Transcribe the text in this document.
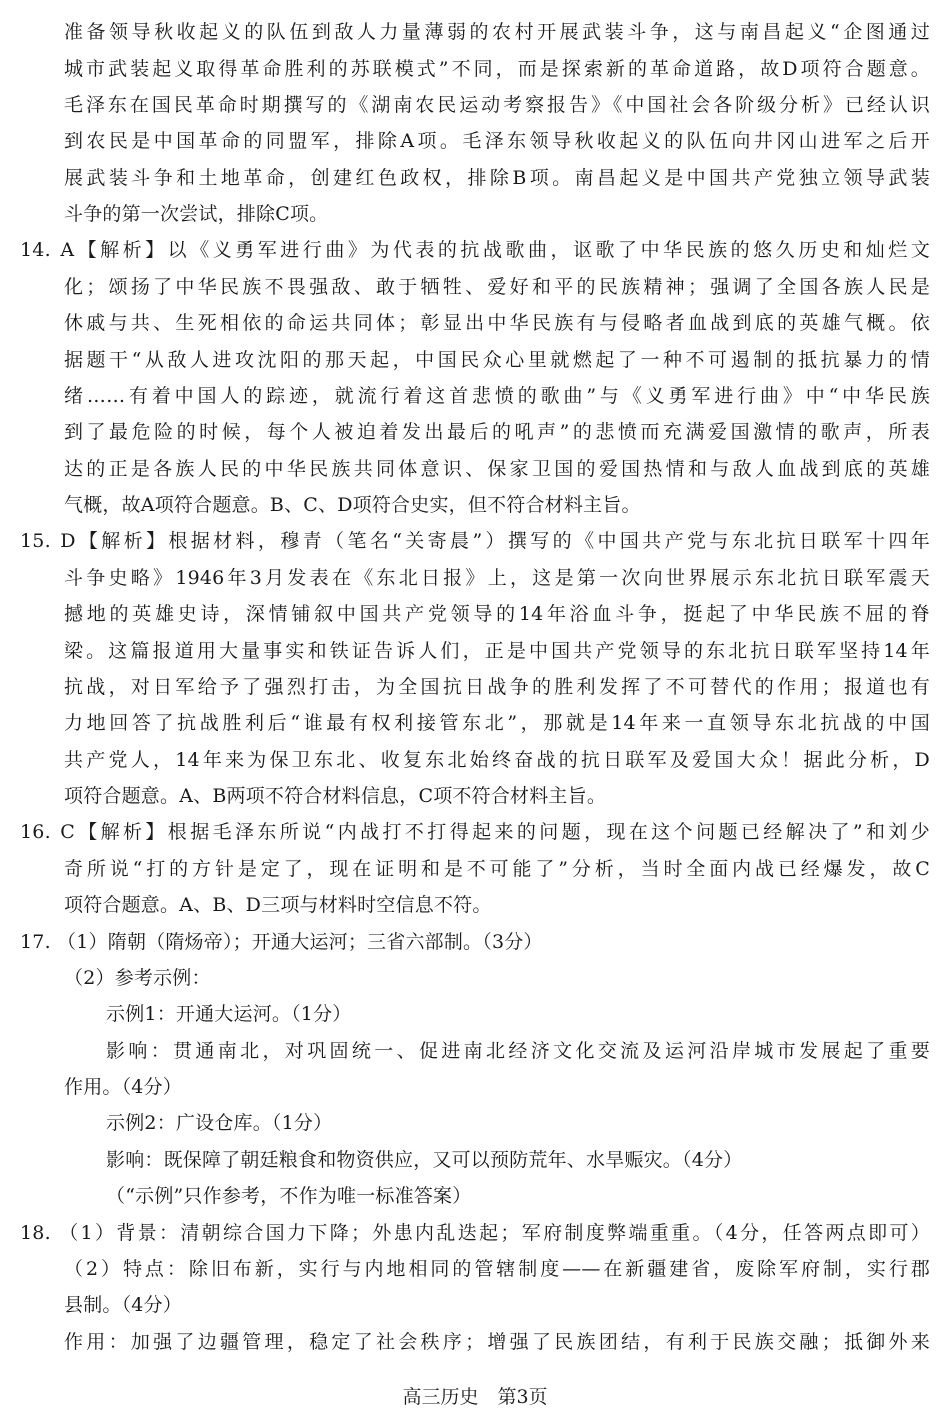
准备领导秋收起义的队伍到敌人力量薄弱的农村开展武装斗争，这与南昌起义“企图通过
城市武装起义取得革命胜利的苏联模式”不同，而是探索新的革命道路，故D项符合题意。
毛泽东在国民革命时期撰写的《湖南农民运动考察报告》《中国社会各阶级分析》已经认识
到农民是中国革命的同盟军，排除A项。毛泽东领导秋收起义的队伍向井冈山进军之后开
展武装斗争和土地革命，创建红色政权，排除B项。南昌起义是中国共产党独立领导武装
斗争的第一次尝试，排除C项。
14. A【解析】以《义勇军进行曲》为代表的抗战歌曲，讴歌了中华民族的悠久历史和灿烂文
化；颂扬了中华民族不畏强敌、敢于牺牲、爱好和平的民族精神；强调了全国各族人民是
休戚与共、生死相依的命运共同体；彰显出中华民族有与侵略者血战到底的英雄气概。依
据题干“从敌人进攻沈阳的那天起，中国民众心里就燃起了一种不可遏制的抵抗暴力的情
绪……有着中国人的踪迹，就流行着这首悲愤的歌曲”与《义勇军进行曲》中“中华民族
到了最危险的时候，每个人被迫着发出最后的吼声”的悲愤而充满爱国激情的歌声，所表
达的正是各族人民的中华民族共同体意识、保家卫国的爱国热情和与敌人血战到底的英雄
气概，故A项符合题意。B、C、D项符合史实，但不符合材料主旨。
15. D【解析】根据材料，穆青（笔名“关寄晨”）撰写的《中国共产党与东北抗日联军十四年
斗争史略》1946年3月发表在《东北日报》上，这是第一次向世界展示东北抗日联军震天
撼地的英雄史诗，深情铺叙中国共产党领导的14年浴血斗争，挺起了中华民族不屈的脊
梁。这篇报道用大量事实和铁证告诉人们，正是中国共产党领导的东北抗日联军坚持14年
抗战，对日军给予了强烈打击，为全国抗日战争的胜利发挥了不可替代的作用；报道也有
力地回答了抗战胜利后“谁最有权利接管东北”，那就是14年来一直领导东北抗战的中国
共产党人，14年来为保卫东北、收复东北始终奋战的抗日联军及爱国大众！据此分析，D
项符合题意。A、B两项不符合材料信息，C项不符合材料主旨。
16. C【解析】根据毛泽东所说“内战打不打得起来的问题，现在这个问题已经解决了”和刘少
奇所说“打的方针是定了，现在证明和是不可能了”分析，当时全面内战已经爆发，故C
项符合题意。A、B、D三项与材料时空信息不符。
17. （1）隋朝（隋炀帝）；开通大运河；三省六部制。（3分）
（2）参考示例：
示例1：开通大运河。（1分）
影响：贯通南北，对巩固统一、促进南北经济文化交流及运河沿岸城市发展起了重要
作用。（4分）
示例2：广设仓库。（1分）
影响：既保障了朝廷粮食和物资供应，又可以预防荒年、水旱赈灾。（4分）
（“示例”只作参考，不作为唯一标准答案）
18. （1）背景：清朝综合国力下降；外患内乱迭起；军府制度弊端重重。（4分，任答两点即可）
（2）特点：除旧布新，实行与内地相同的管辖制度——在新疆建省，废除军府制，实行郡
县制。（4分）
作用：加强了边疆管理，稳定了社会秩序；增强了民族团结，有利于民族交融；抵御外来
高三历史　第3页
